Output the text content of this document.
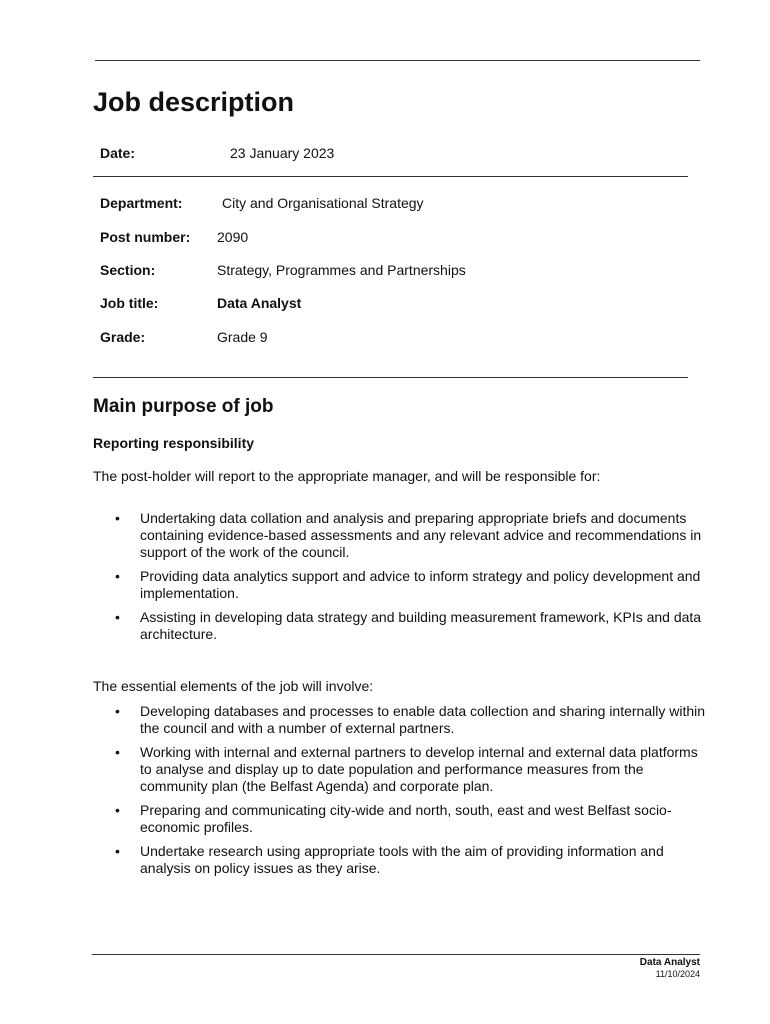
Job description
Date:	23 January 2023
Department:	City and Organisational Strategy
Post number: 2090
Section:	Strategy, Programmes and Partnerships
Job title:	Data Analyst
Grade:	Grade 9
Main purpose of job
Reporting responsibility

The post-holder will report to the appropriate manager, and will be responsible for:

• Undertaking data collation and analysis and preparing appropriate briefs and documents containing evidence-based assessments and any relevant advice and recommendations in support of the work of the council.
• Providing data analytics support and advice to inform strategy and policy development and implementation.
• Assisting in developing data strategy and building measurement framework, KPIs and data architecture.

The essential elements of the job will involve:

• Developing databases and processes to enable data collection and sharing internally within the council and with a number of external partners.
• Working with internal and external partners to develop internal and external data platforms to analyse and display up to date population and performance measures from the community plan (the Belfast Agenda) and corporate plan.
• Preparing and communicating city-wide and north, south, east and west Belfast socio-economic profiles.
• Undertake research using appropriate tools with the aim of providing information and analysis on policy issues as they arise.
Data Analyst
11/10/2024
